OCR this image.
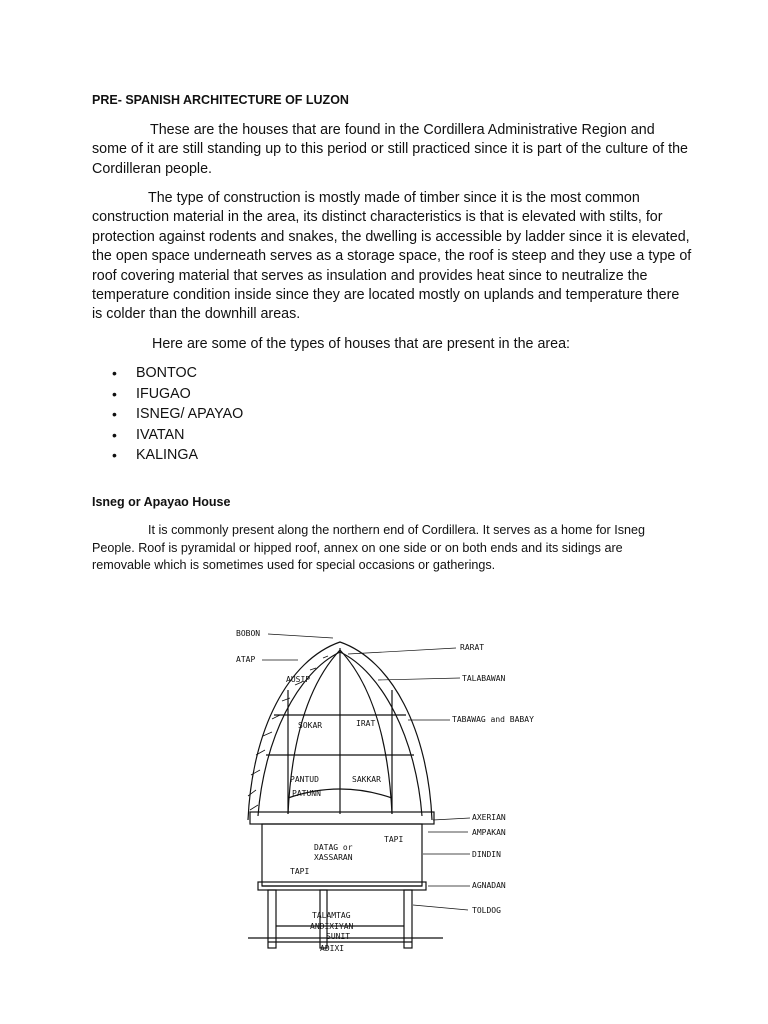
PRE- SPANISH ARCHITECTURE OF LUZON
These are the houses that are found in the Cordillera Administrative Region and some of it are still standing up to this period or still practiced since it is part of the culture of the Cordilleran people.
The type of construction is mostly made of timber since it is the most common construction material in the area, its distinct characteristics is that is elevated with stilts, for protection against rodents and snakes, the dwelling is accessible by ladder since it is elevated, the open space underneath serves as a storage space, the roof is steep and they use a type of roof covering material that serves as insulation and provides heat since to neutralize the temperature condition inside since they are located mostly on uplands and temperature there is colder than the downhill areas.
Here are some of the types of houses that are present in the area:
• BONTOC
• IFUGAO
• ISNEG/ APAYAO
• IVATAN
• KALINGA
Isneg or Apayao House
It is commonly present along the northern end of Cordillera. It serves as a home for Isneg People. Roof is pyramidal or hipped roof, annex on one side or on both ends and its sidings are removable which is sometimes used for special occasions or gatherings.
BOBON
ATAP
RARAT
TALABAWAN
AUSIP
SOKAR	IRAT	TABAWAG and BABAY
PANTUD	SAKKAR
PATUNN
AXERIAN
AMPAKAN
TAPI
DATAG or
XASSARAN	DINDIN
TAPI
AGNADAN
TALAMTAG
TOLDOG
ANDIXIYAN
SUNIT
ADIXI
